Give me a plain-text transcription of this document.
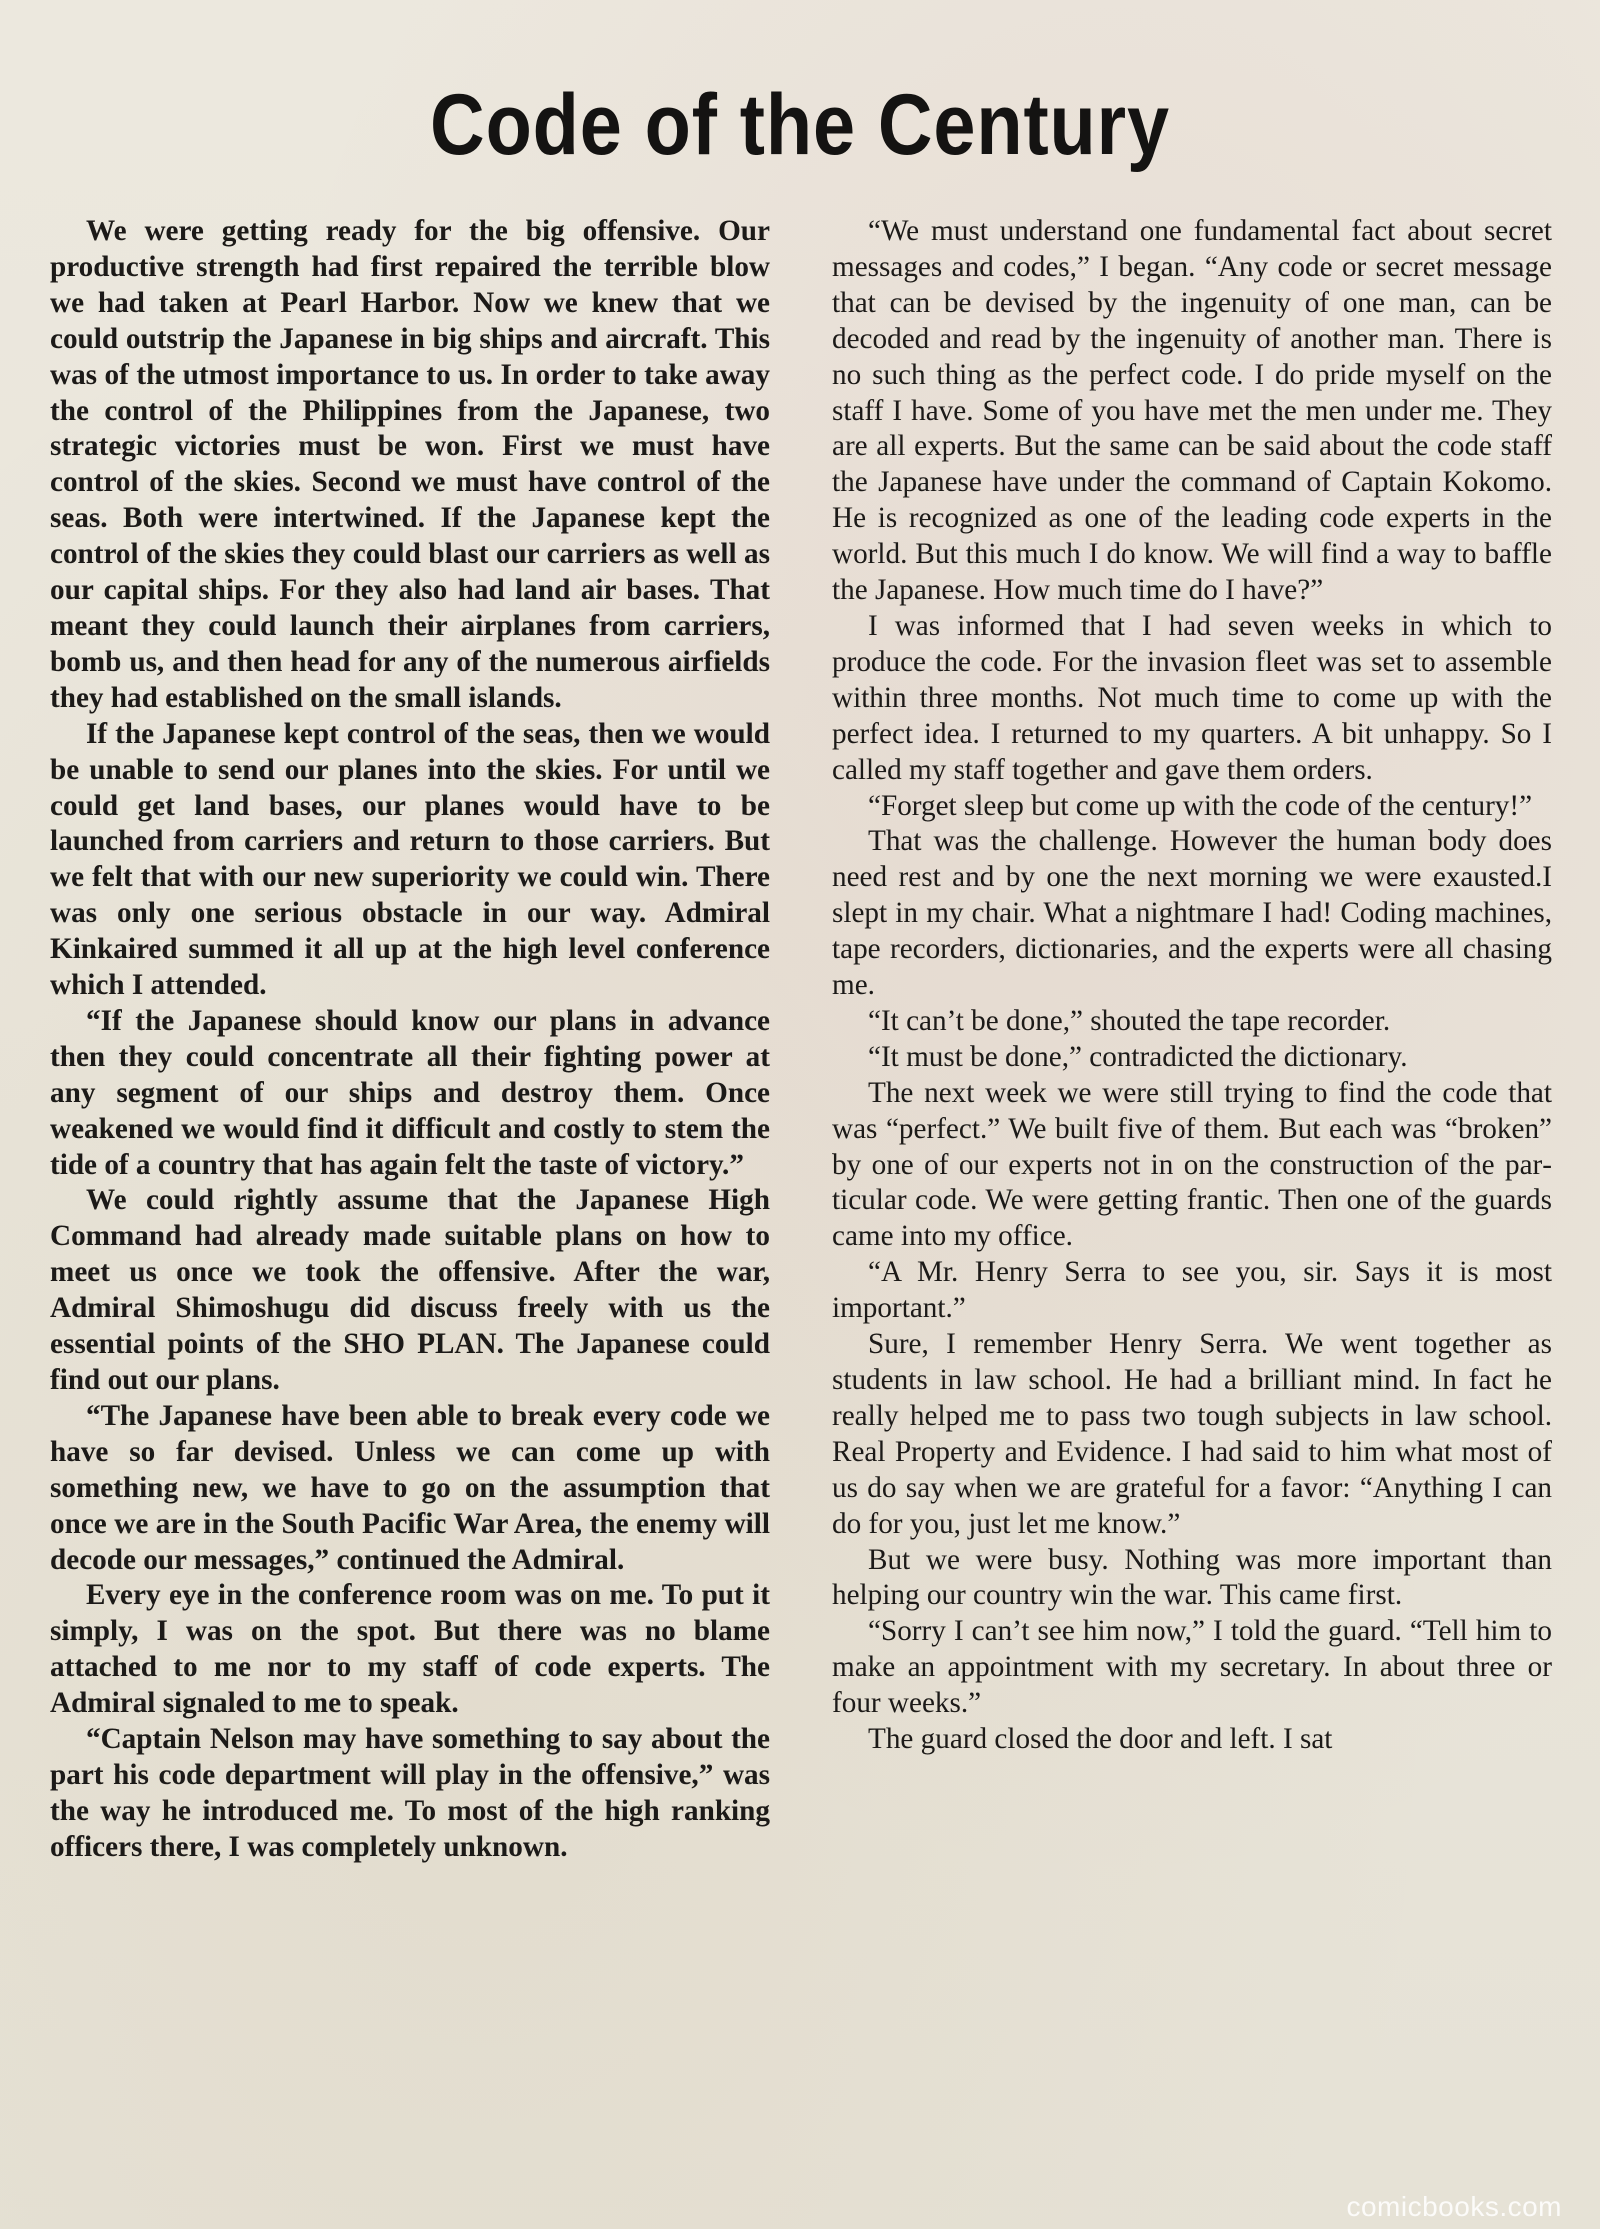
Code of the Century

We were getting ready for the big offensive. Our productive strength had first repaired the terrible blow we had taken at Pearl Harbor. Now we knew that we could outstrip the Japanese in big ships and aircraft. This was of the utmost importance to us. In order to take away the control of the Philippines from the Japanese, two strategic victories must be won. First we must have control of the skies. Second we must have control of the seas. Both were intertwined. If the Japanese kept the control of the skies they could blast our carriers as well as our capital ships. For they also had land air bases. That meant they could launch their airplanes from carriers, bomb us, and then head for any of the numerous airfields they had established on the small islands.

If the Japanese kept control of the seas, then we would be unable to send our planes into the skies. For until we could get land bases, our planes would have to be launched from carriers and return to those carriers. But we felt that with our new superiority we could win. There was only one serious obstacle in our way. Admiral Kinkaired summed it all up at the high level conference which I attended.

“If the Japanese should know our plans in advance then they could concentrate all their fighting power at any segment of our ships and destroy them. Once weakened we would find it difficult and costly to stem the tide of a country that has again felt the taste of victory.”

We could rightly assume that the Japanese High Command had already made suitable plans on how to meet us once we took the offensive. After the war, Admiral Shimoshugu did discuss freely with us the essential points of the SHO PLAN. The Japanese could find out our plans.

“The Japanese have been able to break every code we have so far devised. Unless we can come up with something new, we have to go on the assumption that once we are in the South Pacific War Area, the enemy will decode our messages,” continued the Admiral.

Every eye in the conference room was on me. To put it simply, I was on the spot. But there was no blame attached to me nor to my staff of code experts. The Admiral signaled to me to speak.

“Captain Nelson may have something to say about the part his code department will play in the offensive,” was the way he introduced me. To most of the high ranking officers there, I was completely unknown.

“We must understand one fundamental fact about secret messages and codes,” I began. “Any code or secret message that can be devised by the ingenuity of one man, can be decoded and read by the ingenuity of another man. There is no such thing as the perfect code. I do pride myself on the staff I have. Some of you have met the men under me. They are all experts. But the same can be said about the code staff the Japanese have under the command of Captain Kokomo. He is recognized as one of the leading code experts in the world. But this much I do know. We will find a way to baffle the Japanese. How much time do I have?”

I was informed that I had seven weeks in which to produce the code. For the invasion fleet was set to assemble within three months. Not much time to come up with the perfect idea. I returned to my quarters. A bit unhappy. So I called my staff together and gave them orders.

“Forget sleep but come up with the code of the century!”

That was the challenge. However the human body does need rest and by one the next morning we were exausted.I slept in my chair. What a nightmare I had! Coding machines, tape recorders, dictionaries, and the experts were all chasing me.

“It can’t be done,” shouted the tape recorder.

“It must be done,” contradicted the dictionary.

The next week we were still trying to find the code that was “perfect.” We built five of them. But each was “broken” by one of our experts not in on the construction of the particular code. We were getting frantic. Then one of the guards came into my office.

“A Mr. Henry Serra to see you, sir. Says it is most important.”

Sure, I remember Henry Serra. We went together as students in law school. He had a brilliant mind. In fact he really helped me to pass two tough subjects in law school. Real Property and Evidence. I had said to him what most of us do say when we are grateful for a favor: “Anything I can do for you, just let me know.”

But we were busy. Nothing was more important than helping our country win the war. This came first.

“Sorry I can’t see him now,” I told the guard. “Tell him to make an appointment with my secretary. In about three or four weeks.”

The guard closed the door and left. I sat

comicbooks.com
